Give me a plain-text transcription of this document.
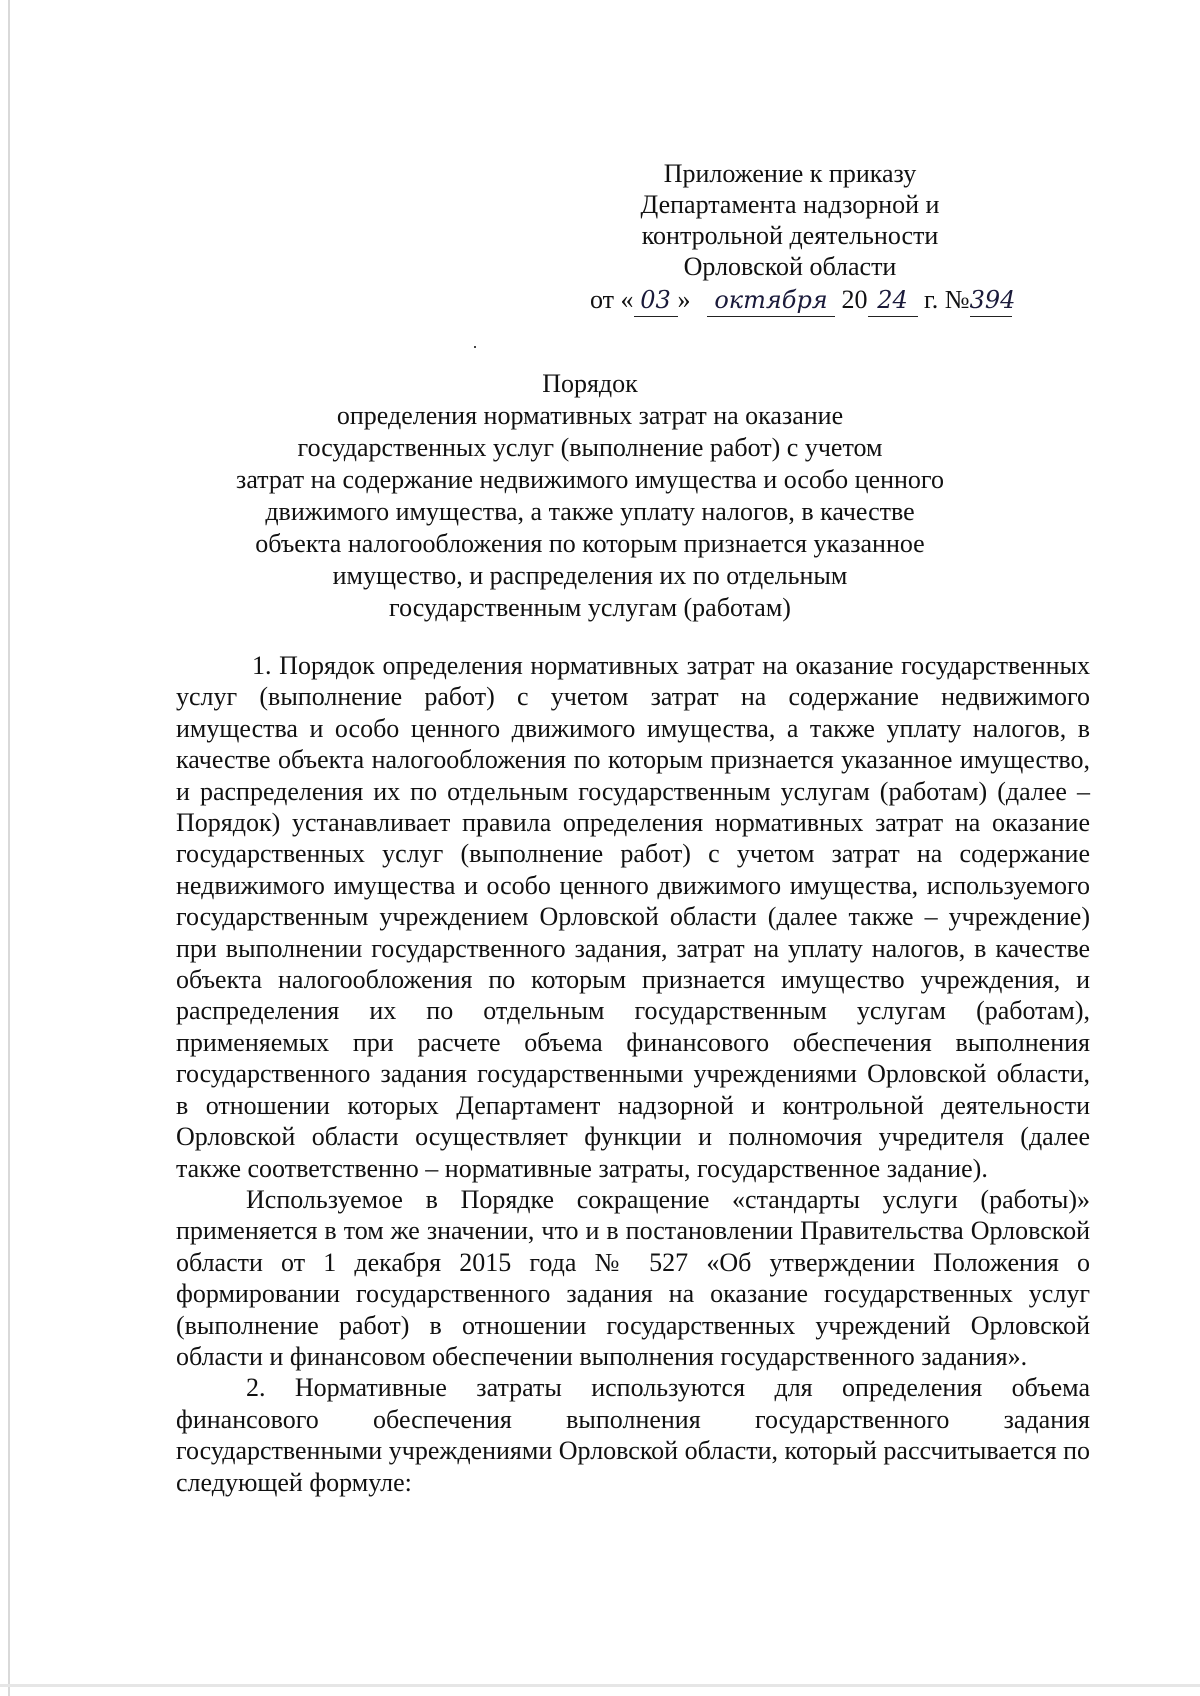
Приложение к приказу
Департамента надзорной и
контрольной деятельности
Орловской области
от « 03 » октября 20 24 г. №394
Порядок
определения нормативных затрат на оказание
государственных услуг (выполнение работ) с учетом
затрат на содержание недвижимого имущества и особо ценного
движимого имущества, а также уплату налогов, в качестве
объекта налогообложения по которым признается указанное
имущество, и распределения их по отдельным
государственным услугам (работам)

1. Порядок определения нормативных затрат на оказание государственных услуг (выполнение работ) с учетом затрат на содержание недвижимого имущества и особо ценного движимого имущества, а также уплату налогов, в качестве объекта налогообложения по которым признается указанное имущество, и распределения их по отдельным государственным услугам (работам) (далее – Порядок) устанавливает правила определения нормативных затрат на оказание государственных услуг (выполнение работ) с учетом затрат на содержание недвижимого имущества и особо ценного движимого имущества, используемого государственным учреждением Орловской области (далее также – учреждение) при выполнении государственного задания, затрат на уплату налогов, в качестве объекта налогообложения по которым признается имущество учреждения, и распределения их по отдельным государственным услугам (работам), применяемых при расчете объема финансового обеспечения выполнения государственного задания государственными учреждениями Орловской области, в отношении которых Департамент надзорной и контрольной деятельности Орловской области осуществляет функции и полномочия учредителя (далее также соответственно – нормативные затраты, государственное задание).

Используемое в Порядке сокращение «стандарты услуги (работы)» применяется в том же значении, что и в постановлении Правительства Орловской области от 1 декабря 2015 года № 527 «Об утверждении Положения о формировании государственного задания на оказание государственных услуг (выполнение работ) в отношении государственных учреждений Орловской области и финансовом обеспечении выполнения государственного задания».

2. Нормативные затраты используются для определения объема финансового обеспечения выполнения государственного задания государственными учреждениями Орловской области, который рассчитывается по следующей формуле:
